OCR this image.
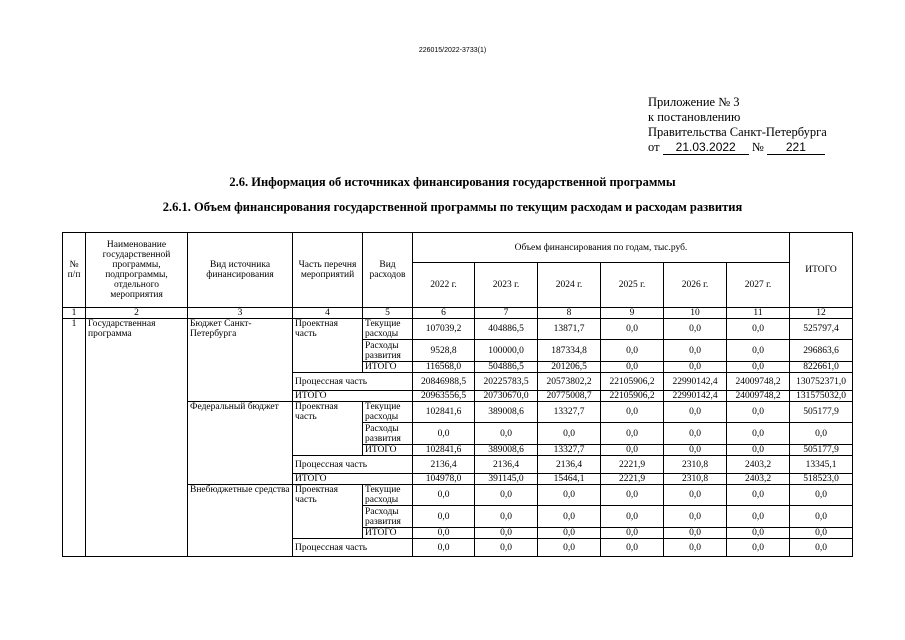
226015/2022-3733(1)
Приложение № 3
к постановлению
Правительства Санкт-Петербурга
от 21.03.2022 № 221
2.6. Информация об источниках финансирования государственной программы
2.6.1. Объем финансирования государственной программы по текущим расходам и расходам развития
№ п/п	Наименование государственной программы, подпрограммы, отдельного мероприятия	Вид источника финансирования	Часть перечня мероприятий	Вид расходов	Объем финансирования по годам, тыс.руб.						ИТОГО
					2022 г.	2023 г.	2024 г.	2025 г.	2026 г.	2027 г.	
1	2	3	4	5	6	7	8	9	10	11	12
1	Государственная программа	Бюджет Санкт-Петербурга	Проектная часть	Текущие расходы	107039,2	404886,5	13871,7	0,0	0,0	0,0	525797,4
				Расходы развития	9528,8	100000,0	187334,8	0,0	0,0	0,0	296863,6
				ИТОГО	116568,0	504886,5	201206,5	0,0	0,0	0,0	822661,0
			Процессная часть		20846988,5	20225783,5	20573802,2	22105906,2	22990142,4	24009748,2	130752371,0
			ИТОГО		20963556,5	20730670,0	20775008,7	22105906,2	22990142,4	24009748,2	131575032,0
		Федеральный бюджет	Проектная часть	Текущие расходы	102841,6	389008,6	13327,7	0,0	0,0	0,0	505177,9
				Расходы развития	0,0	0,0	0,0	0,0	0,0	0,0	0,0
				ИТОГО	102841,6	389008,6	13327,7	0,0	0,0	0,0	505177,9
			Процессная часть		2136,4	2136,4	2136,4	2221,9	2310,8	2403,2	13345,1
			ИТОГО		104978,0	391145,0	15464,1	2221,9	2310,8	2403,2	518523,0
		Внебюджетные средства	Проектная часть	Текущие расходы	0,0	0,0	0,0	0,0	0,0	0,0	0,0
				Расходы развития	0,0	0,0	0,0	0,0	0,0	0,0	0,0
				ИТОГО	0,0	0,0	0,0	0,0	0,0	0,0	0,0
			Процессная часть		0,0	0,0	0,0	0,0	0,0	0,0	0,0
